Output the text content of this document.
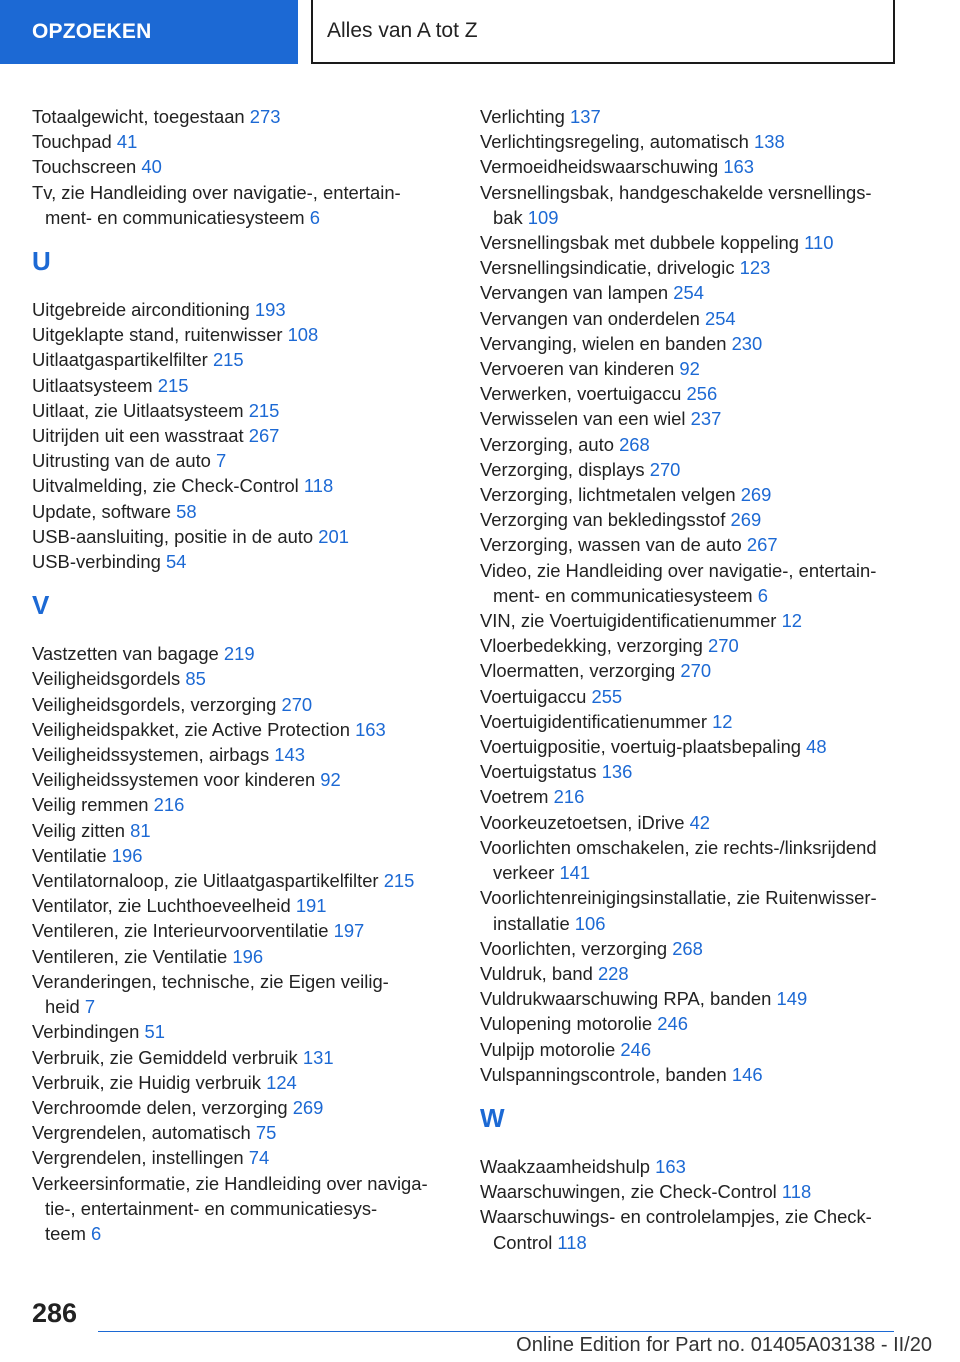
OPZOEKEN	Alles van A tot Z
Totaalgewicht, toegestaan 273
Touchpad 41
Touchscreen 40
Tv, zie Handleiding over navigatie-, entertain-
ment- en communicatiesysteem 6
U
Uitgebreide airconditioning 193
Uitgeklapte stand, ruitenwisser 108
Uitlaatgaspartikelfilter 215
Uitlaatsysteem 215
Uitlaat, zie Uitlaatsysteem 215
Uitrijden uit een wasstraat 267
Uitrusting van de auto 7
Uitvalmelding, zie Check-Control 118
Update, software 58
USB-aansluiting, positie in de auto 201
USB-verbinding 54
V
Vastzetten van bagage 219
Veiligheidsgordels 85
Veiligheidsgordels, verzorging 270
Veiligheidspakket, zie Active Protection 163
Veiligheidssystemen, airbags 143
Veiligheidssystemen voor kinderen 92
Veilig remmen 216
Veilig zitten 81
Ventilatie 196
Ventilatornaloop, zie Uitlaatgaspartikelfilter 215
Ventilator, zie Luchthoeveelheid 191
Ventileren, zie Interieurvoorventilatie 197
Ventileren, zie Ventilatie 196
Veranderingen, technische, zie Eigen veilig-
heid 7
Verbindingen 51
Verbruik, zie Gemiddeld verbruik 131
Verbruik, zie Huidig verbruik 124
Verchroomde delen, verzorging 269
Vergrendelen, automatisch 75
Vergrendelen, instellingen 74
Verkeersinformatie, zie Handleiding over naviga-
tie-, entertainment- en communicatiesys-
teem 6
Verlichting 137
Verlichtingsregeling, automatisch 138
Vermoeidheidswaarschuwing 163
Versnellingsbak, handgeschakelde versnellings-
bak 109
Versnellingsbak met dubbele koppeling 110
Versnellingsindicatie, drivelogic 123
Vervangen van lampen 254
Vervangen van onderdelen 254
Vervanging, wielen en banden 230
Vervoeren van kinderen 92
Verwerken, voertuigaccu 256
Verwisselen van een wiel 237
Verzorging, auto 268
Verzorging, displays 270
Verzorging, lichtmetalen velgen 269
Verzorging van bekledingsstof 269
Verzorging, wassen van de auto 267
Video, zie Handleiding over navigatie-, entertain-
ment- en communicatiesysteem 6
VIN, zie Voertuigidentificatienummer 12
Vloerbedekking, verzorging 270
Vloermatten, verzorging 270
Voertuigaccu 255
Voertuigidentificatienummer 12
Voertuigpositie, voertuig-plaatsbepaling 48
Voertuigstatus 136
Voetrem 216
Voorkeuzetoetsen, iDrive 42
Voorlichten omschakelen, zie rechts-/linksrijdend
verkeer 141
Voorlichtenreinigingsinstallatie, zie Ruitenwisser-
installatie 106
Voorlichten, verzorging 268
Vuldruk, band 228
Vuldrukwaarschuwing RPA, banden 149
Vulopening motorolie 246
Vulpijp motorolie 246
Vulspanningscontrole, banden 146
W
Waakzaamheidshulp 163
Waarschuwingen, zie Check-Control 118
Waarschuwings- en controlelampjes, zie Check-
Control 118
286
Online Edition for Part no. 01405A03138 - II/20
